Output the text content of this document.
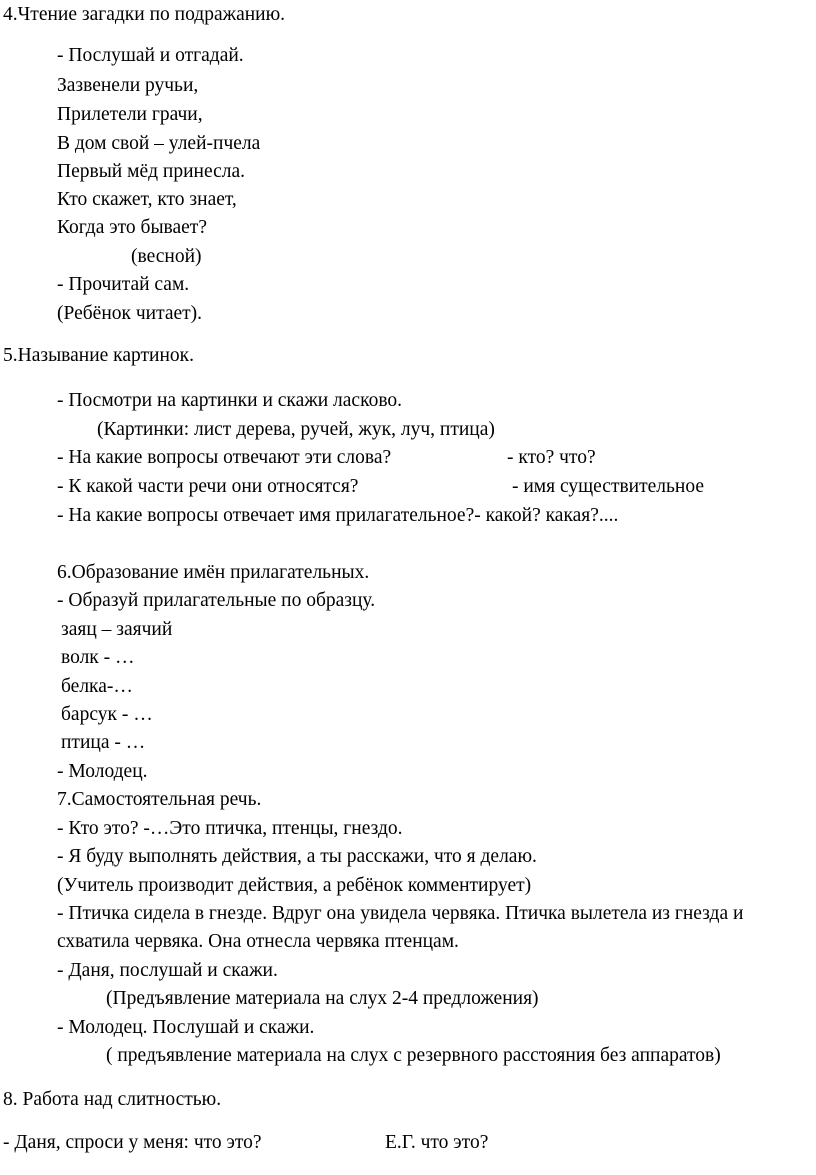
4.Чтение загадки по подражанию.
- Послушай и отгадай.
Зазвенели ручьи,
Прилетели грачи,
В дом свой – улей-пчела
Первый мёд принесла.
Кто скажет, кто знает,
Когда это бывает?
(весной)
- Прочитай сам.
(Ребёнок читает).
5.Называние картинок.
- Посмотри на картинки и скажи ласково.
(Картинки: лист дерева, ручей, жук, луч, птица)
- На какие вопросы отвечают эти слова?	- кто? что?
- К какой части речи они относятся?	- имя существительное
- На какие вопросы отвечает имя прилагательное?- какой? какая?....
6.Образование имён прилагательных.
- Образуй прилагательные по образцу.
заяц – заячий
волк - …
белка-…
барсук - …
птица - …
- Молодец.
7.Самостоятельная речь.
- Кто это? -…Это птичка, птенцы, гнездо.
- Я буду выполнять действия, а ты расскажи, что я делаю.
(Учитель производит действия, а ребёнок комментирует)
- Птичка сидела в гнезде. Вдруг она увидела червяка. Птичка вылетела из гнезда и
схватила червяка. Она отнесла червяка птенцам.
- Даня, послушай и скажи.
(Предъявление материала на слух 2-4 предложения)
- Молодец. Послушай и скажи.
( предъявление материала на слух с резервного расстояния без аппаратов)
8. Работа над слитностью.
- Даня, спроси у меня: что это?	Е.Г. что это?
